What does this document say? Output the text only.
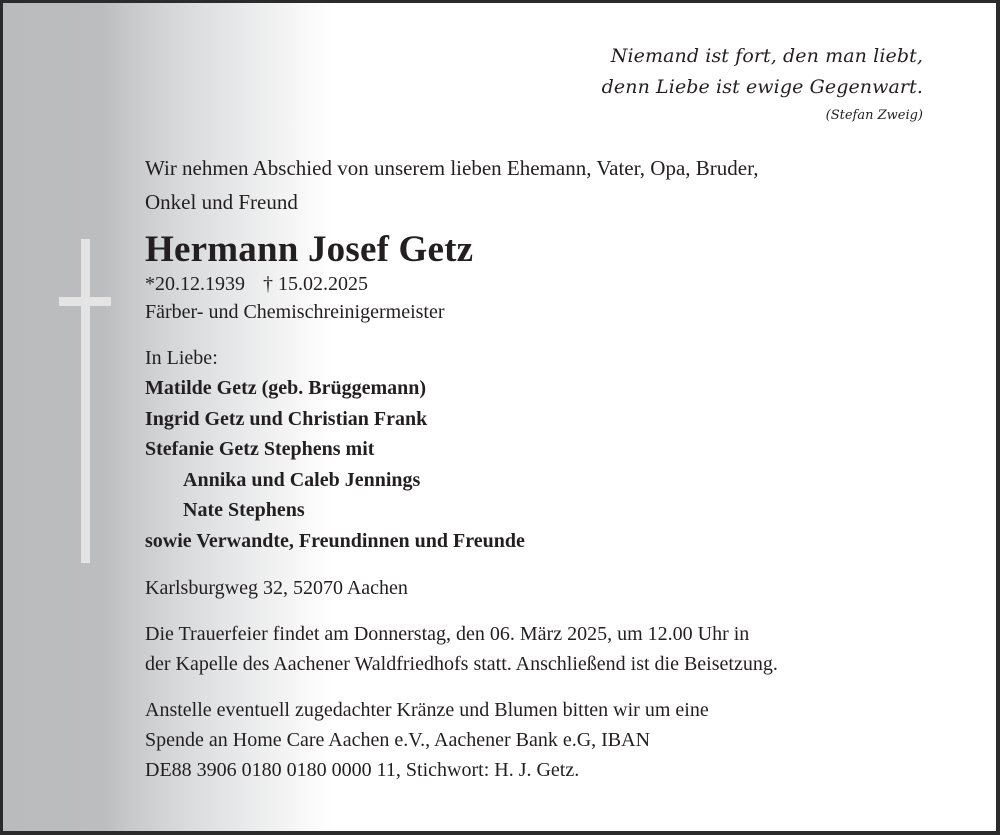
Niemand ist fort, den man liebt,
denn Liebe ist ewige Gegenwart.
(Stefan Zweig)

Wir nehmen Abschied von unserem lieben Ehemann, Vater, Opa, Bruder,
Onkel und Freund

Hermann Josef Getz

*20.12.1939 † 15.02.2025

Färber- und Chemischreinigermeister

In Liebe:
Matilde Getz (geb. Brüggemann)
Ingrid Getz und Christian Frank
Stefanie Getz Stephens mit
Annika und Caleb Jennings
Nate Stephens
sowie Verwandte, Freundinnen und Freunde
Karlsburgweg 32, 52070 Aachen
Die Trauerfeier findet am Donnerstag, den 06. März 2025, um 12.00 Uhr in
der Kapelle des Aachener Waldfriedhofs statt. Anschließend ist die Beisetzung.
Anstelle eventuell zugedachter Kränze und Blumen bitten wir um eine
Spende an Home Care Aachen e.V., Aachener Bank e.G, IBAN
DE88 3906 0180 0180 0000 11, Stichwort: H. J. Getz.
